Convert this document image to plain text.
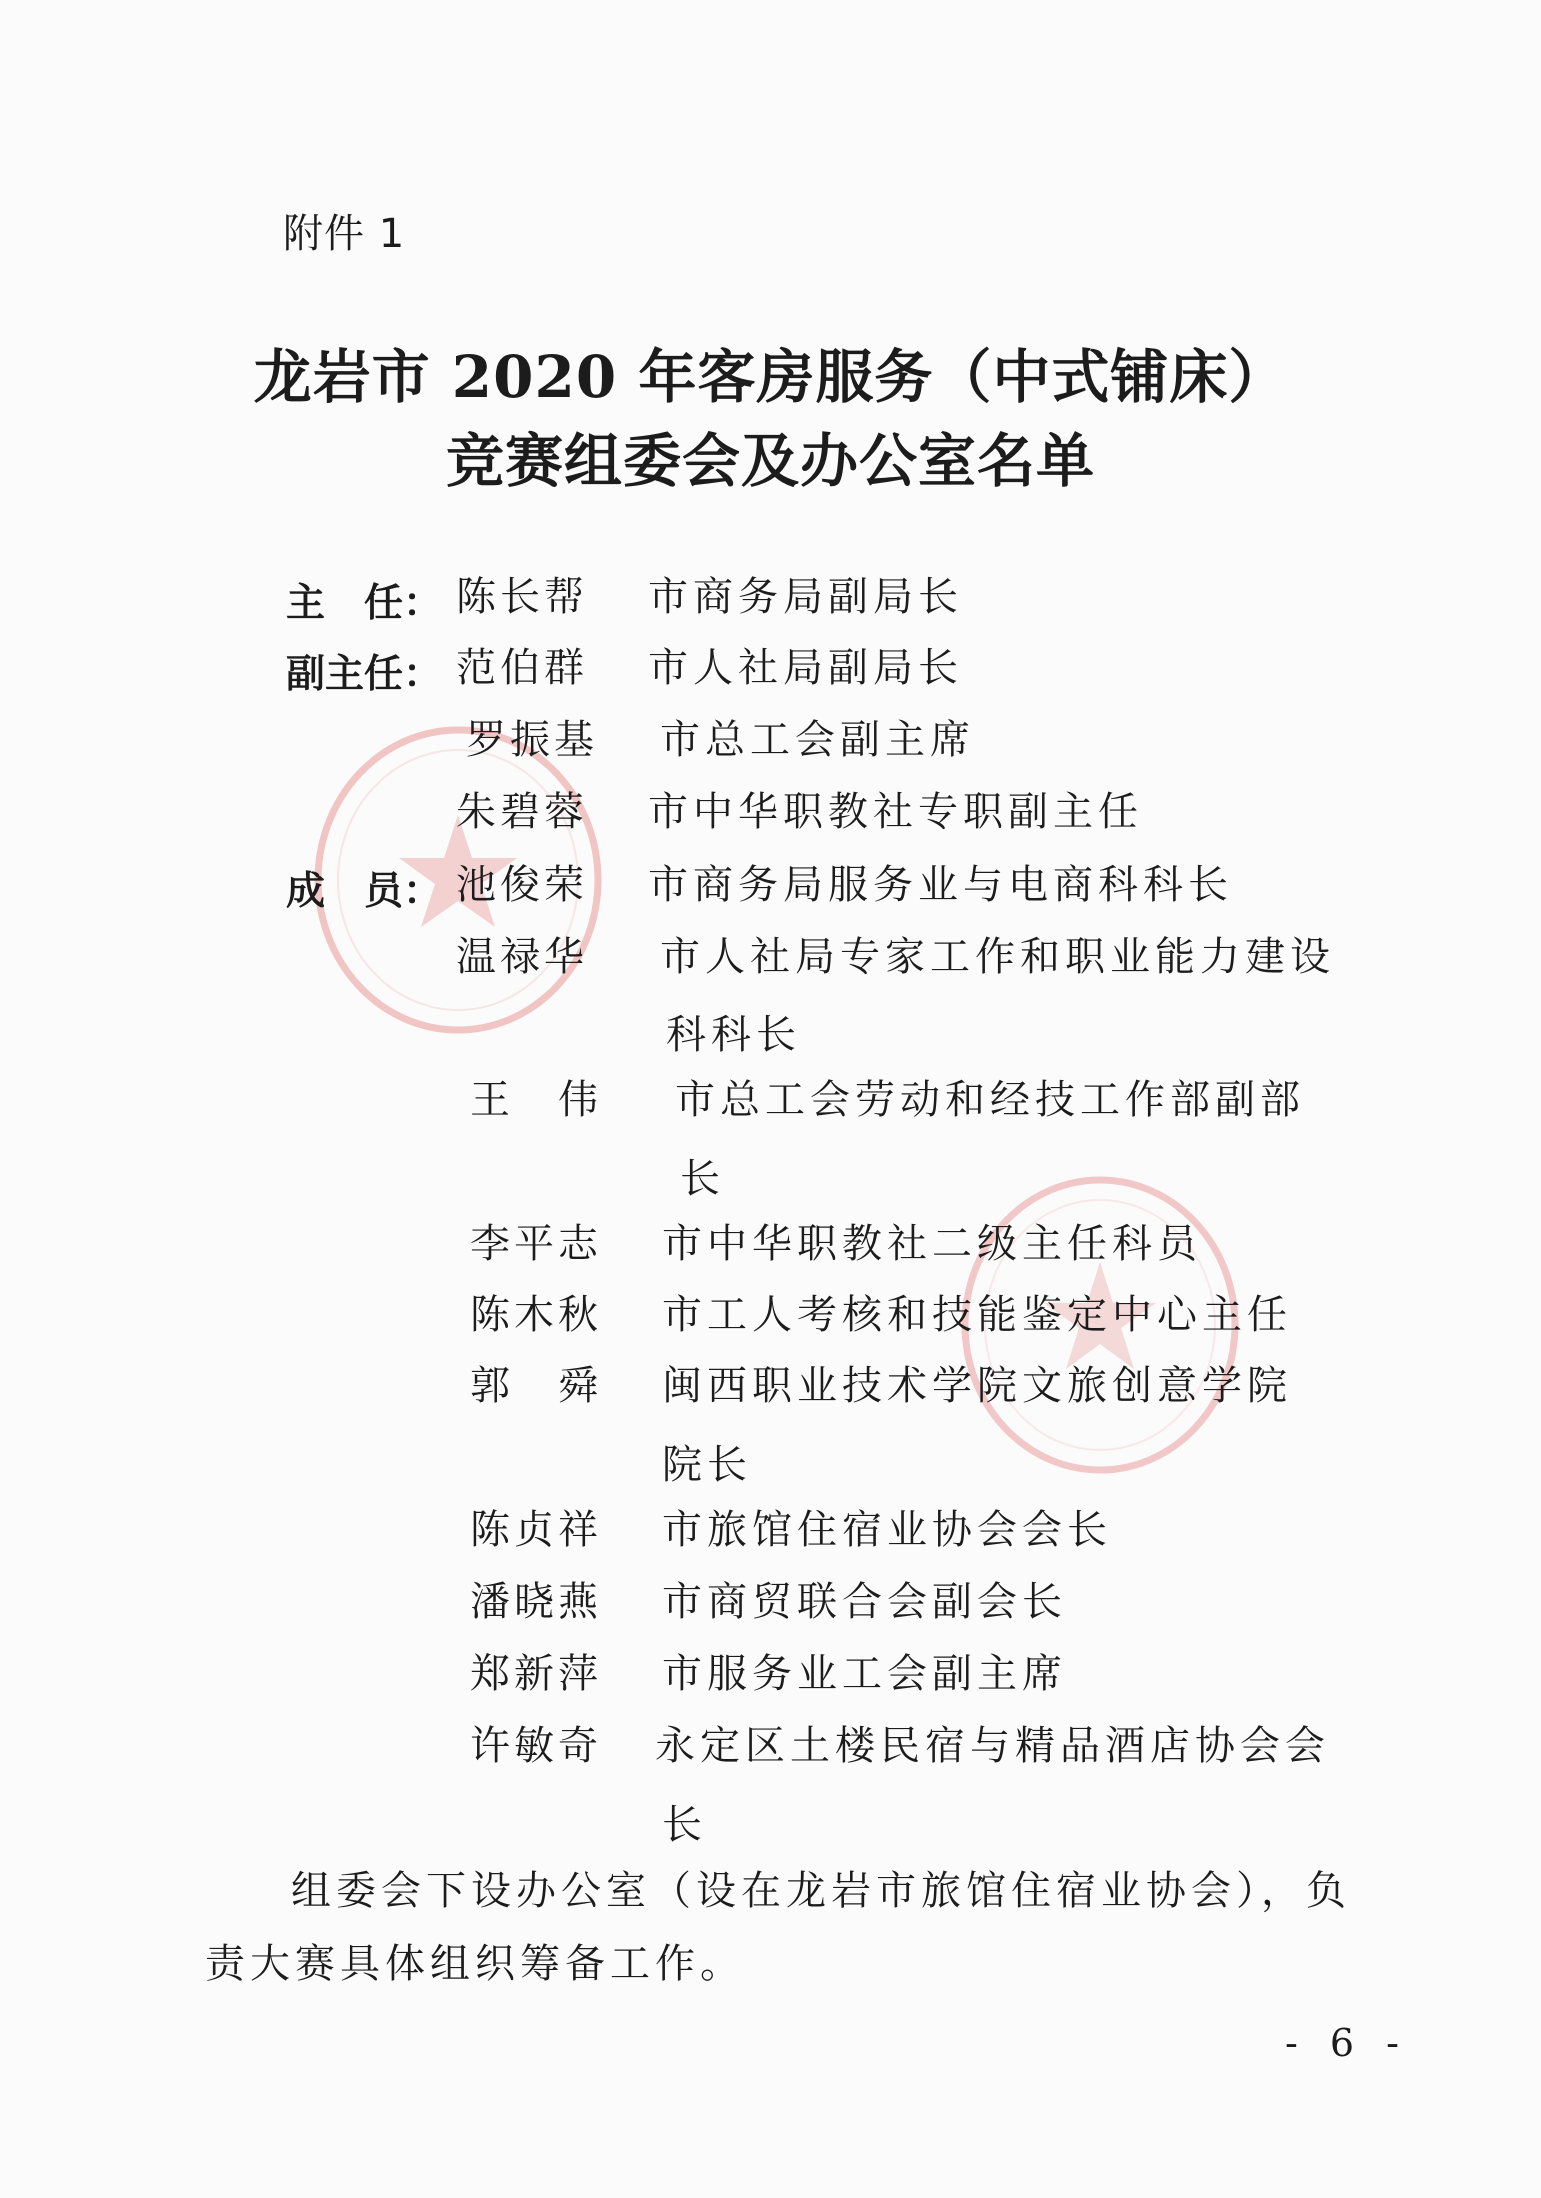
附件 1
龙岩市 2020 年客房服务（中式铺床）
竞赛组委会及办公室名单
主　任：
副主任：
成　员：
陈长帮 市商务局副局长
范伯群 市人社局副局长
罗振基 市总工会副主席
朱碧蓉 市中华职教社专职副主任
池俊荣 市商务局服务业与电商科科长
温禄华 市人社局专家工作和职业能力建设
科科长
王　伟 市总工会劳动和经技工作部副部
长
李平志 市中华职教社二级主任科员
陈木秋 市工人考核和技能鉴定中心主任
郭　舜 闽西职业技术学院文旅创意学院
院长
陈贞祥 市旅馆住宿业协会会长
潘晓燕 市商贸联合会副会长
郑新萍 市服务业工会副主席
许敏奇 永定区土楼民宿与精品酒店协会会
长
组委会下设办公室（设在龙岩市旅馆住宿业协会），负责大赛具体组织筹备工作。
- 6 -
